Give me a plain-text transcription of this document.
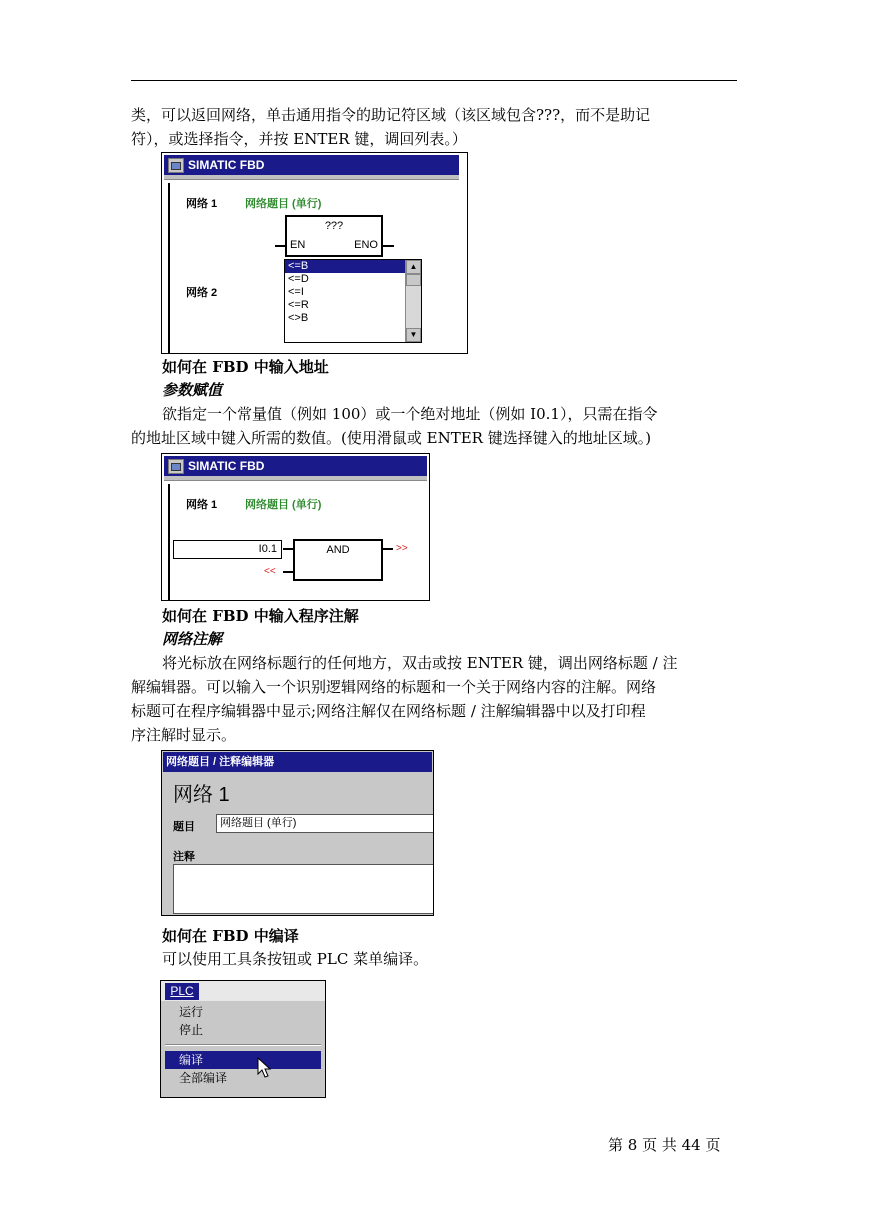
类，可以返回网络，单击通用指令的助记符区域（该区域包含???，而不是助记
符），或选择指令，并按 ENTER 键，调回列表。）
SIMATIC FBD
网络 1	网络题目 (单行)
???
EN	ENO
网络 2
<=B
<=D
<=I
<=R
<>B
▲
▼
如何在 FBD 中输入地址
参数赋值
欲指定一个常量值（例如 100）或一个绝对地址（例如 I0.1），只需在指令
的地址区域中键入所需的数值。(使用滑鼠或 ENTER 键选择键入的地址区域。)
SIMATIC FBD
网络 1	网络题目 (单行)
I0.1	AND	>>
<<
如何在 FBD 中输入程序注解
网络注解
将光标放在网络标题行的任何地方，双击或按 ENTER 键，调出网络标题 / 注
解编辑器。可以输入一个识别逻辑网络的标题和一个关于网络内容的注解。网络
标题可在程序编辑器中显示;网络注解仅在网络标题 / 注解编辑器中以及打印程
序注解时显示。
网络题目 / 注释编辑器
网络 1
题目	网络题目 (单行)
注释
如何在 FBD 中编译
可以使用工具条按钮或 PLC 菜单编译。
PLC
运行
停止
编译
全部编译
第 8 页 共 44 页
